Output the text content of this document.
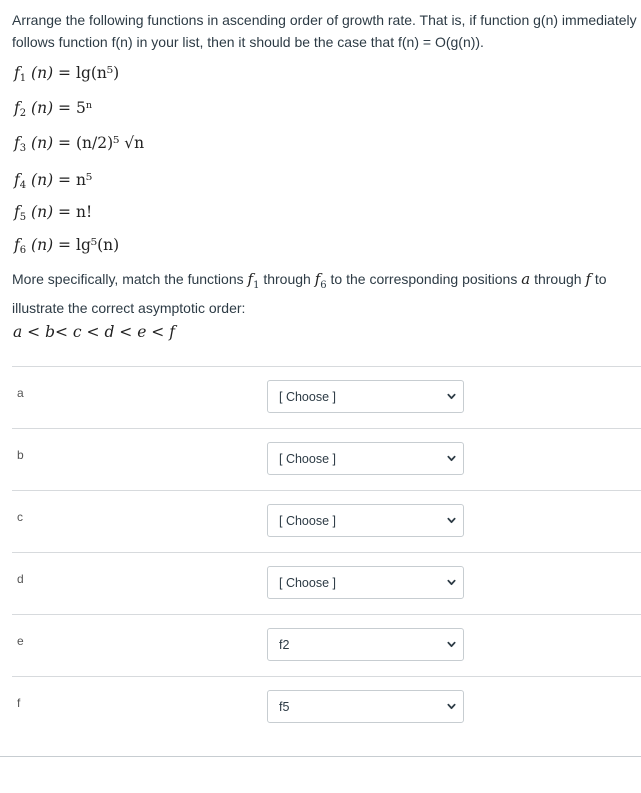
Arrange the following functions in ascending order of growth rate. That is, if function g(n) immediately follows function f(n) in your list, then it should be the case that f(n) = O(g(n)).
$f_1$ (n) = lg(n⁵)
$f_2$ (n) = 5ⁿ
$f_3$ (n) = (n/2)⁵ √n
$f_4$ (n) = n⁵
$f_5$ (n) = n!
$f_6$ (n) = lg⁵(n)
More specifically, match the functions $f_1$ through $f_6$ to the corresponding positions a through f to illustrate the correct asymptotic order:
a < b< c < d < e < f
a	[ Choose ]
b	[ Choose ]
c	[ Choose ]
d	[ Choose ]
e	f2
f	f5
